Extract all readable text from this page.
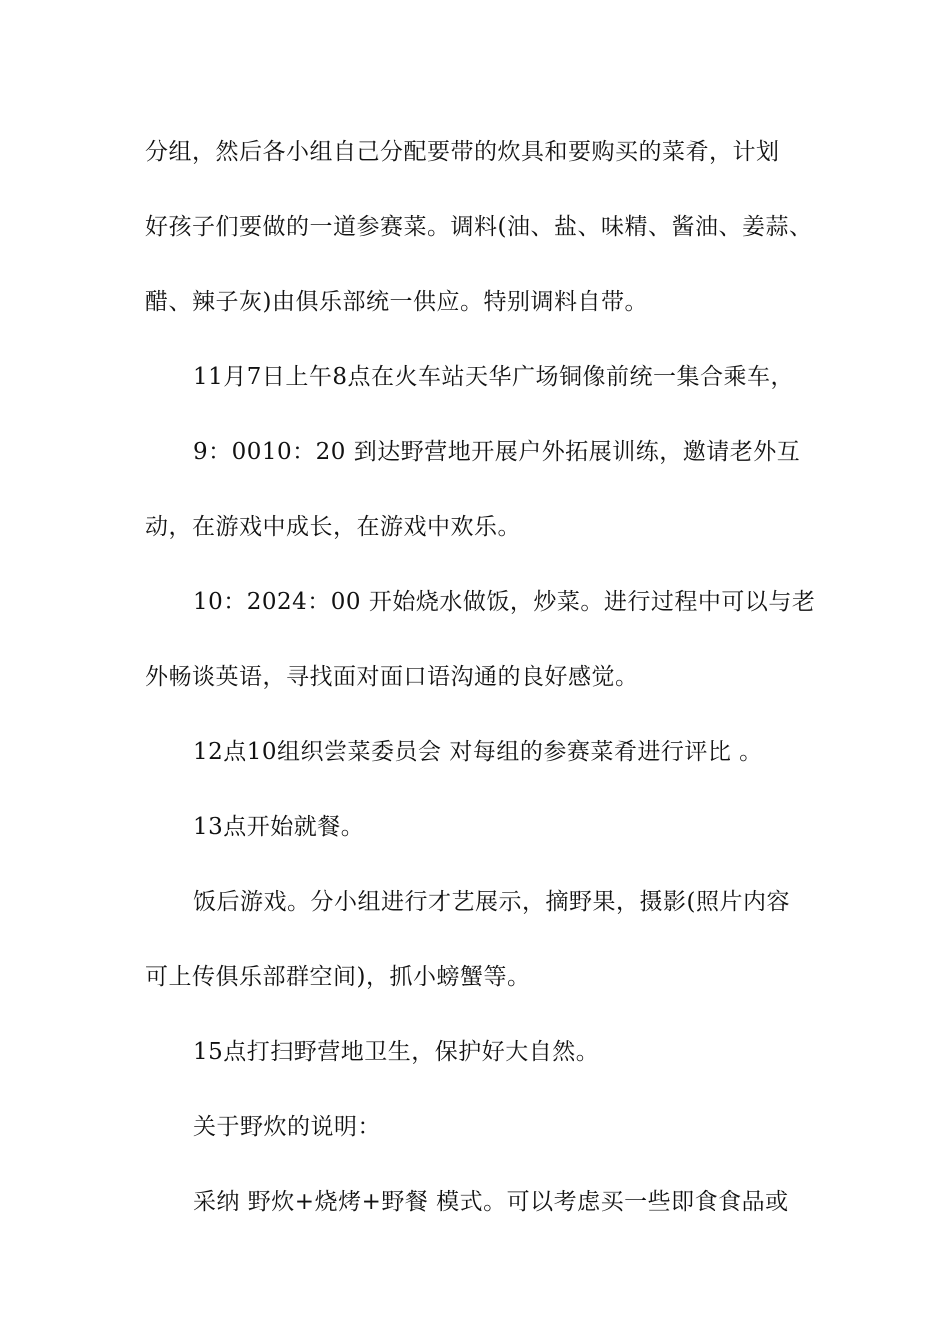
分组，然后各小组自己分配要带的炊具和要购买的菜肴，计划
好孩子们要做的一道参赛菜。调料(油、盐、味精、酱油、姜蒜、
醋、辣子灰)由俱乐部统一供应。特别调料自带。
11月7日上午8点在火车站天华广场铜像前统一集合乘车，
9：0010：20 到达野营地开展户外拓展训练，邀请老外互
动，在游戏中成长，在游戏中欢乐。
10：2024：00 开始烧水做饭，炒菜。进行过程中可以与老
外畅谈英语，寻找面对面口语沟通的良好感觉。
12点10组织尝菜委员会 对每组的参赛菜肴进行评比 。
13点开始就餐。
饭后游戏。分小组进行才艺展示，摘野果，摄影(照片内容
可上传俱乐部群空间)，抓小螃蟹等。
15点打扫野营地卫生，保护好大自然。
关于野炊的说明：
采纳 野炊+烧烤+野餐 模式。可以考虑买一些即食食品或
